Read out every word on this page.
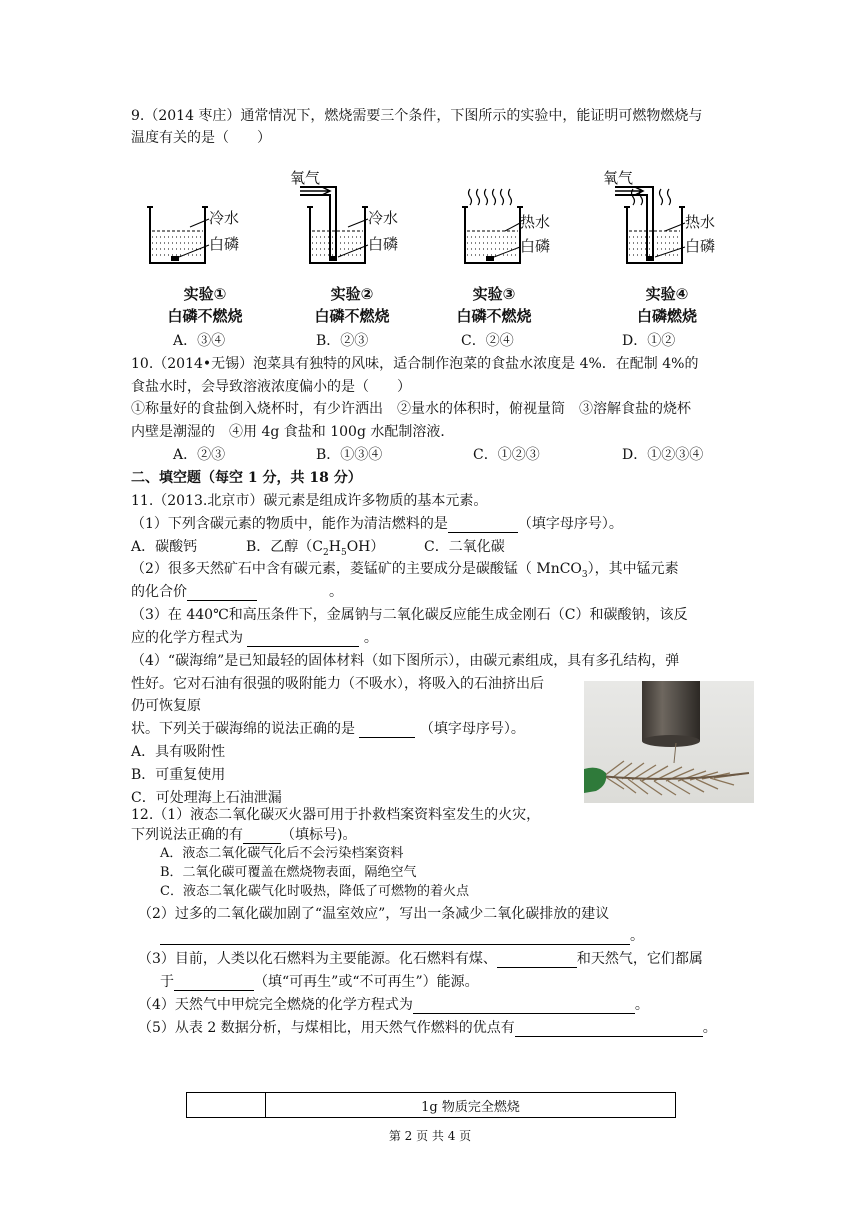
9.（2014 枣庄）通常情况下，燃烧需要三个条件，下图所示的实验中，能证明可燃物燃烧与
温度有关的是（　　）
冷水
白磷
实验①
白磷不燃烧
氧气
冷水
白磷
实验②
白磷不燃烧
热水
白磷
实验③
白磷不燃烧
氧气
热水
白磷
实验④
白磷燃烧
A．③④	B．②③	C．②④	D．①②
10.（2014•无锡）泡菜具有独特的风味，适合制作泡菜的食盐水浓度是 4%．在配制 4%的
食盐水时，会导致溶液浓度偏小的是（　　）
①称量好的食盐倒入烧杯时，有少许洒出　②量水的体积时，俯视量筒　③溶解食盐的烧杯
内壁是潮湿的　④用 4g 食盐和 100g 水配制溶液．
A．②③	B．①③④	C．①②③	D．①②③④
二、填空题（每空 1 分，共 18 分）
11.（2013.北京市）碳元素是组成许多物质的基本元素。
（1）下列含碳元素的物质中，能作为清洁燃料的是	（填字母序号）。
A．碳酸钙	B．乙醇$(C_2H_5OH)$	C．二氧化碳
（2）很多天然矿石中含有碳元素，菱锰矿的主要成分是碳酸锰（ MnCO$_3$），其中锰元素
的化合价	。
（3）在 440℃和高压条件下，金属钠与二氧化碳反应能生成金刚石（C）和碳酸钠，该反
应的化学方程式为	。
（4）“碳海绵”是已知最轻的固体材料（如下图所示），由碳元素组成，具有多孔结构，弹
性好。它对石油有很强的吸附能力（不吸水），将吸入的石油挤出后
仍可恢复原
状。下列关于碳海绵的说法正确的是	（填字母序号）。
A．具有吸附性
B．可重复使用
C．可处理海上石油泄漏
12.（1）液态二氧化碳灭火器可用于扑救档案资料室发生的火灾，
下列说法正确的有	（填标号)。
A．液态二氧化碳气化后不会污染档案资料
B．二氧化碳可覆盖在燃烧物表面，隔绝空气
C．液态二氧化碳气化时吸热，降低了可燃物的着火点
（2）过多的二氧化碳加剧了“温室效应”，写出一条减少二氧化碳排放的建议
。
（3）目前，人类以化石燃料为主要能源。化石燃料有煤、	和天然气，它们都属
于	（填“可再生”或“不可再生”）能源。
（4）天然气中甲烷完全燃烧的化学方程式为	。
（5）从表 2 数据分析，与煤相比，用天然气作燃料的优点有	。
	1g 物质完全燃烧
第 2 页 共 4 页
